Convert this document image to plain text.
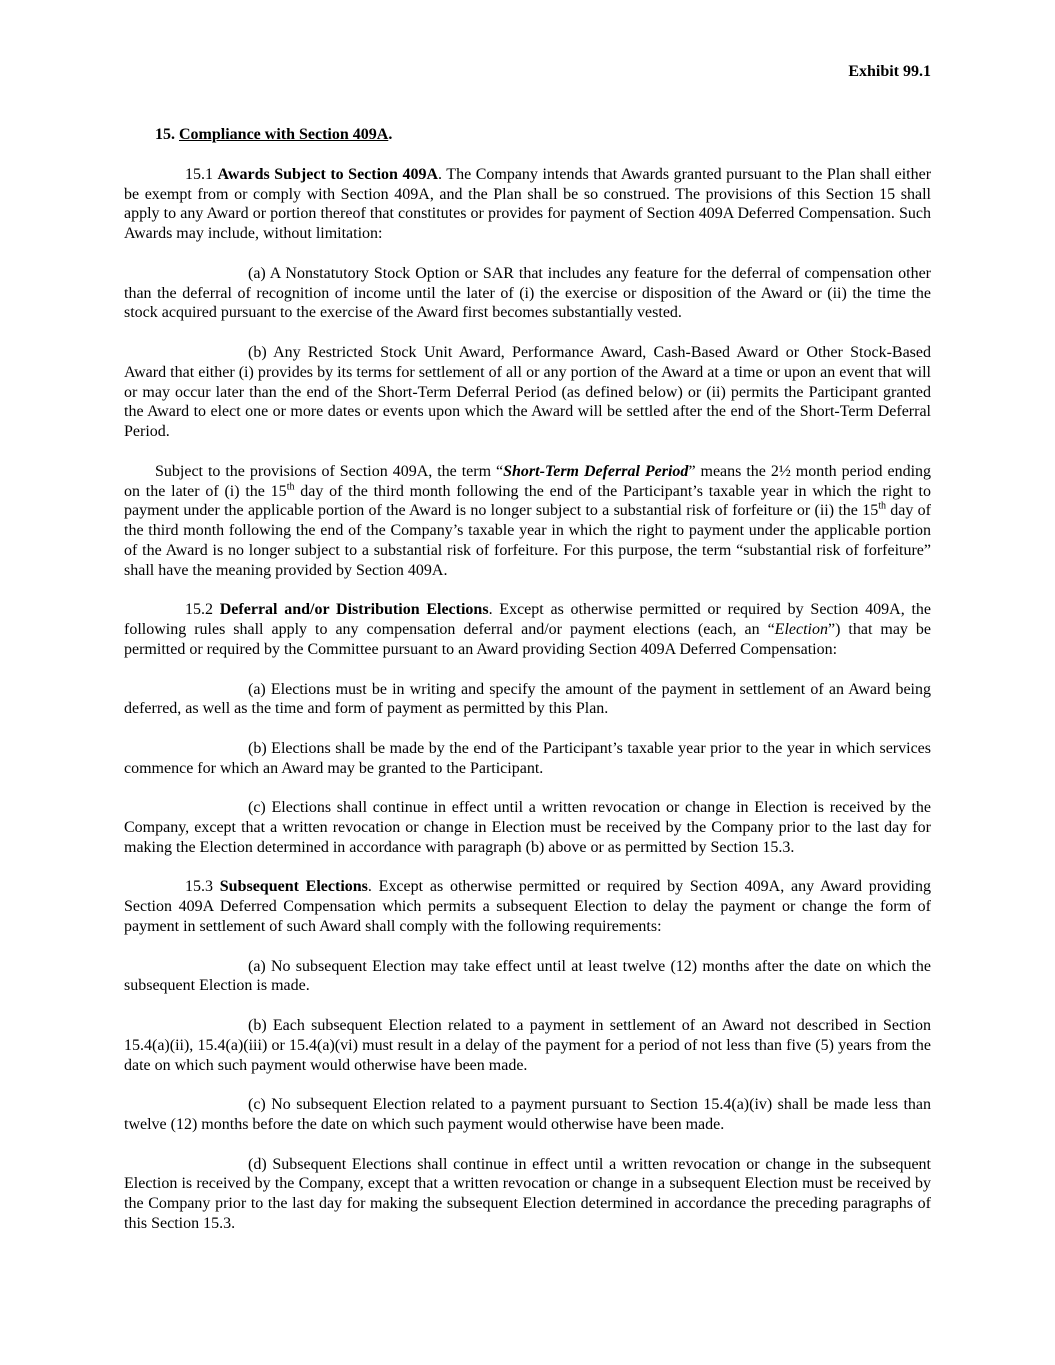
Exhibit 99.1
15. Compliance with Section 409A.

15.1 Awards Subject to Section 409A. The Company intends that Awards granted pursuant to the Plan shall either be exempt from or comply with Section 409A, and the Plan shall be so construed. The provisions of this Section 15 shall apply to any Award or portion thereof that constitutes or provides for payment of Section 409A Deferred Compensation. Such Awards may include, without limitation:

(a) A Nonstatutory Stock Option or SAR that includes any feature for the deferral of compensation other than the deferral of recognition of income until the later of (i) the exercise or disposition of the Award or (ii) the time the stock acquired pursuant to the exercise of the Award first becomes substantially vested.

(b) Any Restricted Stock Unit Award, Performance Award, Cash-Based Award or Other Stock-Based Award that either (i) provides by its terms for settlement of all or any portion of the Award at a time or upon an event that will or may occur later than the end of the Short-Term Deferral Period (as defined below) or (ii) permits the Participant granted the Award to elect one or more dates or events upon which the Award will be settled after the end of the Short-Term Deferral Period.

Subject to the provisions of Section 409A, the term “Short-Term Deferral Period” means the 2½ month period ending on the later of (i) the 15th day of the third month following the end of the Participant’s taxable year in which the right to payment under the applicable portion of the Award is no longer subject to a substantial risk of forfeiture or (ii) the 15th day of the third month following the end of the Company’s taxable year in which the right to payment under the applicable portion of the Award is no longer subject to a substantial risk of forfeiture. For this purpose, the term “substantial risk of forfeiture” shall have the meaning provided by Section 409A.

15.2 Deferral and/or Distribution Elections. Except as otherwise permitted or required by Section 409A, the following rules shall apply to any compensation deferral and/or payment elections (each, an “Election”) that may be permitted or required by the Committee pursuant to an Award providing Section 409A Deferred Compensation:

(a) Elections must be in writing and specify the amount of the payment in settlement of an Award being deferred, as well as the time and form of payment as permitted by this Plan.

(b) Elections shall be made by the end of the Participant’s taxable year prior to the year in which services commence for which an Award may be granted to the Participant.

(c) Elections shall continue in effect until a written revocation or change in Election is received by the Company, except that a written revocation or change in Election must be received by the Company prior to the last day for making the Election determined in accordance with paragraph (b) above or as permitted by Section 15.3.

15.3 Subsequent Elections. Except as otherwise permitted or required by Section 409A, any Award providing Section 409A Deferred Compensation which permits a subsequent Election to delay the payment or change the form of payment in settlement of such Award shall comply with the following requirements:

(a) No subsequent Election may take effect until at least twelve (12) months after the date on which the subsequent Election is made.

(b) Each subsequent Election related to a payment in settlement of an Award not described in Section 15.4(a)(ii), 15.4(a)(iii) or 15.4(a)(vi) must result in a delay of the payment for a period of not less than five (5) years from the date on which such payment would otherwise have been made.

(c) No subsequent Election related to a payment pursuant to Section 15.4(a)(iv) shall be made less than twelve (12) months before the date on which such payment would otherwise have been made.

(d) Subsequent Elections shall continue in effect until a written revocation or change in the subsequent Election is received by the Company, except that a written revocation or change in a subsequent Election must be received by the Company prior to the last day for making the subsequent Election determined in accordance the preceding paragraphs of this Section 15.3.
